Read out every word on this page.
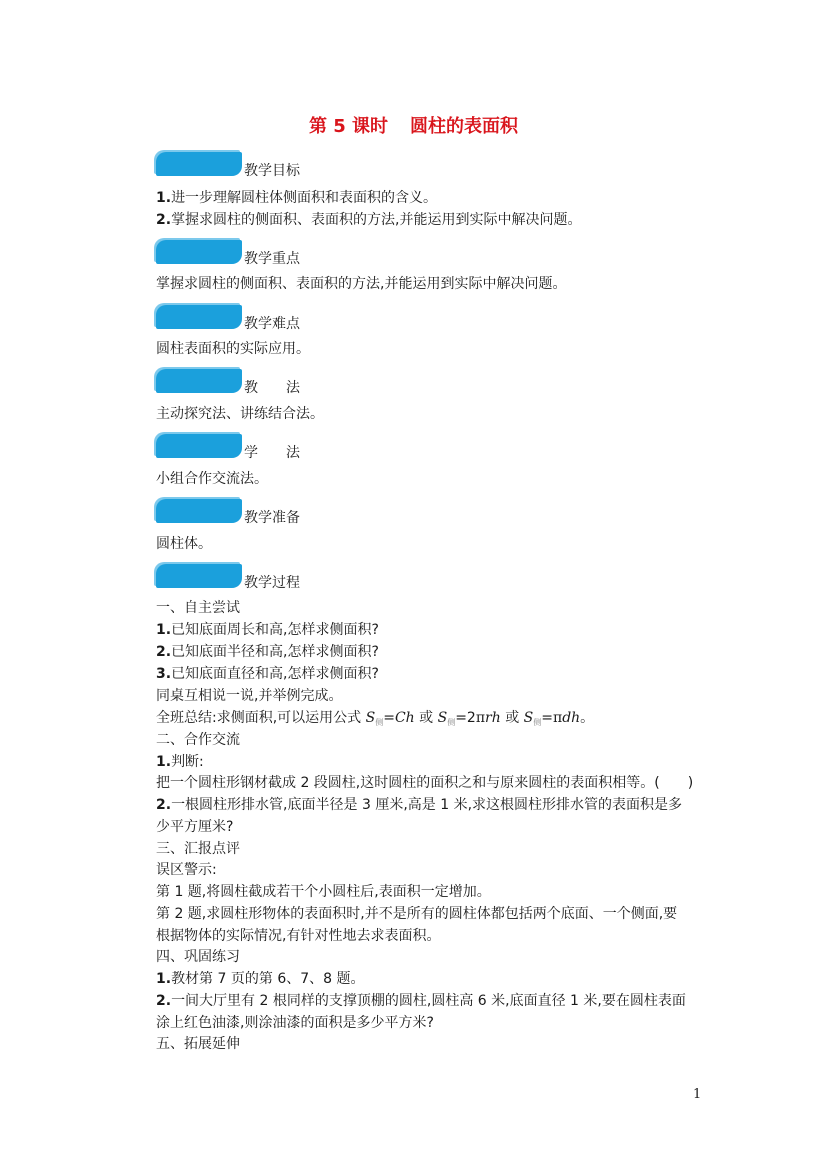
第 5 课时 圆柱的表面积
教学目标
1.进一步理解圆柱体侧面积和表面积的含义。
2.掌握求圆柱的侧面积、表面积的方法,并能运用到实际中解决问题。
教学重点
掌握求圆柱的侧面积、表面积的方法,并能运用到实际中解决问题。
教学难点
圆柱表面积的实际应用。
教　　法
主动探究法、讲练结合法。
学　　法
小组合作交流法。
教学准备
圆柱体。
教学过程
一、自主尝试
1.已知底面周长和高,怎样求侧面积?
2.已知底面半径和高,怎样求侧面积?
3.已知底面直径和高,怎样求侧面积?
同桌互相说一说,并举例完成。
全班总结:求侧面积,可以运用公式 $S_侧=Ch$ 或 $S_侧=2\pi rh$ 或 $S_侧=\pi dh$。
二、合作交流
1.判断:
把一个圆柱形钢材截成 2 段圆柱,这时圆柱的面积之和与原来圆柱的表面积相等。(　　)
2.一根圆柱形排水管,底面半径是 3 厘米,高是 1 米,求这根圆柱形排水管的表面积是多
少平方厘米?
三、汇报点评
误区警示:
第 1 题,将圆柱截成若干个小圆柱后,表面积一定增加。
第 2 题,求圆柱形物体的表面积时,并不是所有的圆柱体都包括两个底面、一个侧面,要
根据物体的实际情况,有针对性地去求表面积。
四、巩固练习
1.教材第 7 页的第 6、7、8 题。
2.一间大厅里有 2 根同样的支撑顶棚的圆柱,圆柱高 6 米,底面直径 1 米,要在圆柱表面
涂上红色油漆,则涂油漆的面积是多少平方米?
五、拓展延伸
1
